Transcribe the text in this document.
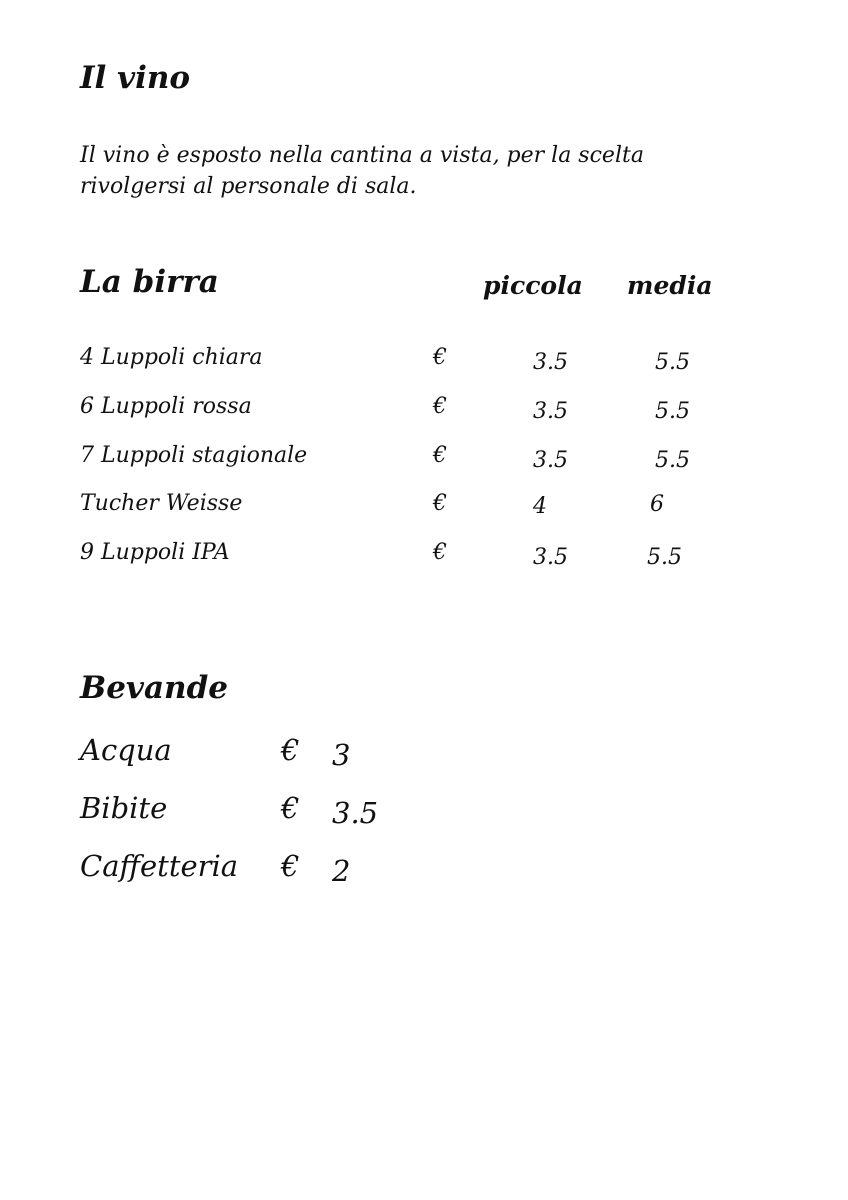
Il vino
Il vino è esposto nella cantina a vista, per la scelta
rivolgersi al personale di sala.
La birra	piccola media
4 Luppoli chiara	€	3.5	5.5
6 Luppoli rossa	€	3.5	5.5
7 Luppoli stagionale	€	3.5	5.5
Tucher Weisse	€	4	6
9 Luppoli IPA	€	3.5	5.5
Bevande
Acqua	€ 3
Bibite	€ 3.5
Caffetteria € 2
